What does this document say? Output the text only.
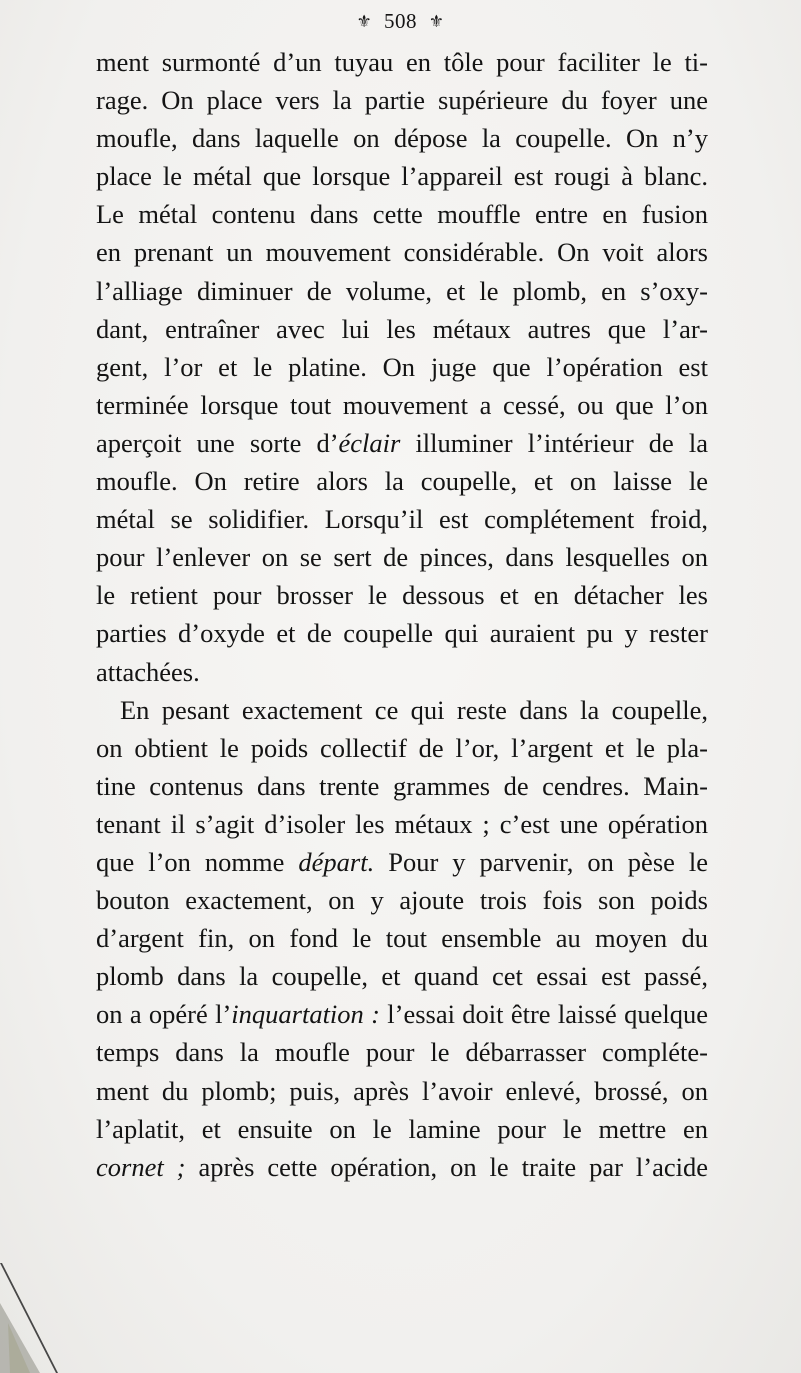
⚜ 508 ⚜
ment surmonté d’un tuyau en tôle pour faciliter le ti-
rage. On place vers la partie supérieure du foyer une
moufle, dans laquelle on dépose la coupelle. On n’y
place le métal que lorsque l’appareil est rougi à blanc.
Le métal contenu dans cette mouffle entre en fusion
en prenant un mouvement considérable. On voit alors
l’alliage diminuer de volume, et le plomb, en s’oxy-
dant, entraîner avec lui les métaux autres que l’ar-
gent, l’or et le platine. On juge que l’opération est
terminée lorsque tout mouvement a cessé, ou que l’on
aperçoit une sorte d’éclair illuminer l’intérieur de la
moufle. On retire alors la coupelle, et on laisse le
métal se solidifier. Lorsqu’il est complétement froid,
pour l’enlever on se sert de pinces, dans lesquelles on
le retient pour brosser le dessous et en détacher les
parties d’oxyde et de coupelle qui auraient pu y rester
attachées.
En pesant exactement ce qui reste dans la coupelle,
on obtient le poids collectif de l’or, l’argent et le pla-
tine contenus dans trente grammes de cendres. Main-
tenant il s’agit d’isoler les métaux ; c’est une opération
que l’on nomme départ. Pour y parvenir, on pèse le
bouton exactement, on y ajoute trois fois son poids
d’argent fin, on fond le tout ensemble au moyen du
plomb dans la coupelle, et quand cet essai est passé,
on a opéré l’inquartation : l’essai doit être laissé quelque
temps dans la moufle pour le débarrasser compléte-
ment du plomb; puis, après l’avoir enlevé, brossé, on
l’aplatit, et ensuite on le lamine pour le mettre en
cornet ; après cette opération, on le traite par l’acide
